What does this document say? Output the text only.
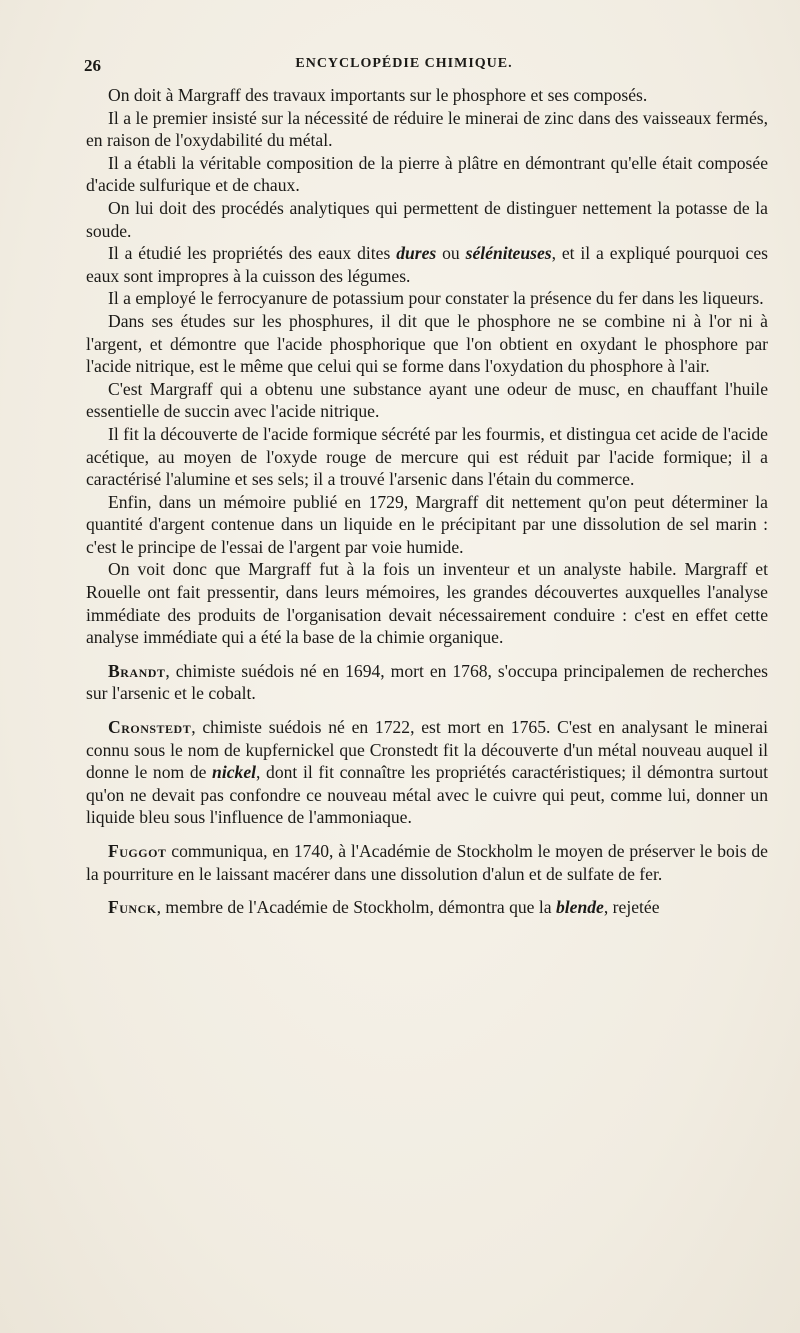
26	ENCYCLOPÉDIE CHIMIQUE.

On doit à Margraff des travaux importants sur le phosphore et ses composés.

Il a le premier insisté sur la nécessité de réduire le minerai de zinc dans des vaisseaux fermés, en raison de l'oxydabilité du métal.

Il a établi la véritable composition de la pierre à plâtre en démontrant qu'elle était composée d'acide sulfurique et de chaux.

On lui doit des procédés analytiques qui permettent de distinguer nettement la potasse de la soude.

Il a étudié les propriétés des eaux dites dures ou séléniteuses, et il a expliqué pourquoi ces eaux sont impropres à la cuisson des légumes.

Il a employé le ferrocyanure de potassium pour constater la présence du fer dans les liqueurs.

Dans ses études sur les phosphures, il dit que le phosphore ne se combine ni à l'or ni à l'argent, et démontre que l'acide phosphorique que l'on obtient en oxydant le phosphore par l'acide nitrique, est le même que celui qui se forme dans l'oxydation du phosphore à l'air.

C'est Margraff qui a obtenu une substance ayant une odeur de musc, en chauffant l'huile essentielle de succin avec l'acide nitrique.

Il fit la découverte de l'acide formique sécrété par les fourmis, et distingua cet acide de l'acide acétique, au moyen de l'oxyde rouge de mercure qui est réduit par l'acide formique; il a caractérisé l'alumine et ses sels; il a trouvé l'arsenic dans l'étain du commerce.

Enfin, dans un mémoire publié en 1729, Margraff dit nettement qu'on peut déterminer la quantité d'argent contenue dans un liquide en le précipitant par une dissolution de sel marin : c'est le principe de l'essai de l'argent par voie humide.

On voit donc que Margraff fut à la fois un inventeur et un analyste habile. Margraff et Rouelle ont fait pressentir, dans leurs mémoires, les grandes découvertes auxquelles l'analyse immédiate des produits de l'organisation devait nécessairement conduire : c'est en effet cette analyse immédiate qui a été la base de la chimie organique.

Brandt, chimiste suédois né en 1694, mort en 1768, s'occupa principalemen de recherches sur l'arsenic et le cobalt.

Cronstedt, chimiste suédois né en 1722, est mort en 1765. C'est en analysant le minerai connu sous le nom de kupfernickel que Cronstedt fit la découverte d'un métal nouveau auquel il donne le nom de nickel, dont il fit connaître les propriétés caractéristiques; il démontra surtout qu'on ne devait pas confondre ce nouveau métal avec le cuivre qui peut, comme lui, donner un liquide bleu sous l'influence de l'ammoniaque.

Fuggot communiqua, en 1740, à l'Académie de Stockholm le moyen de préserver le bois de la pourriture en le laissant macérer dans une dissolution d'alun et de sulfate de fer.

Funck, membre de l'Académie de Stockholm, démontra que la blende, rejetée
